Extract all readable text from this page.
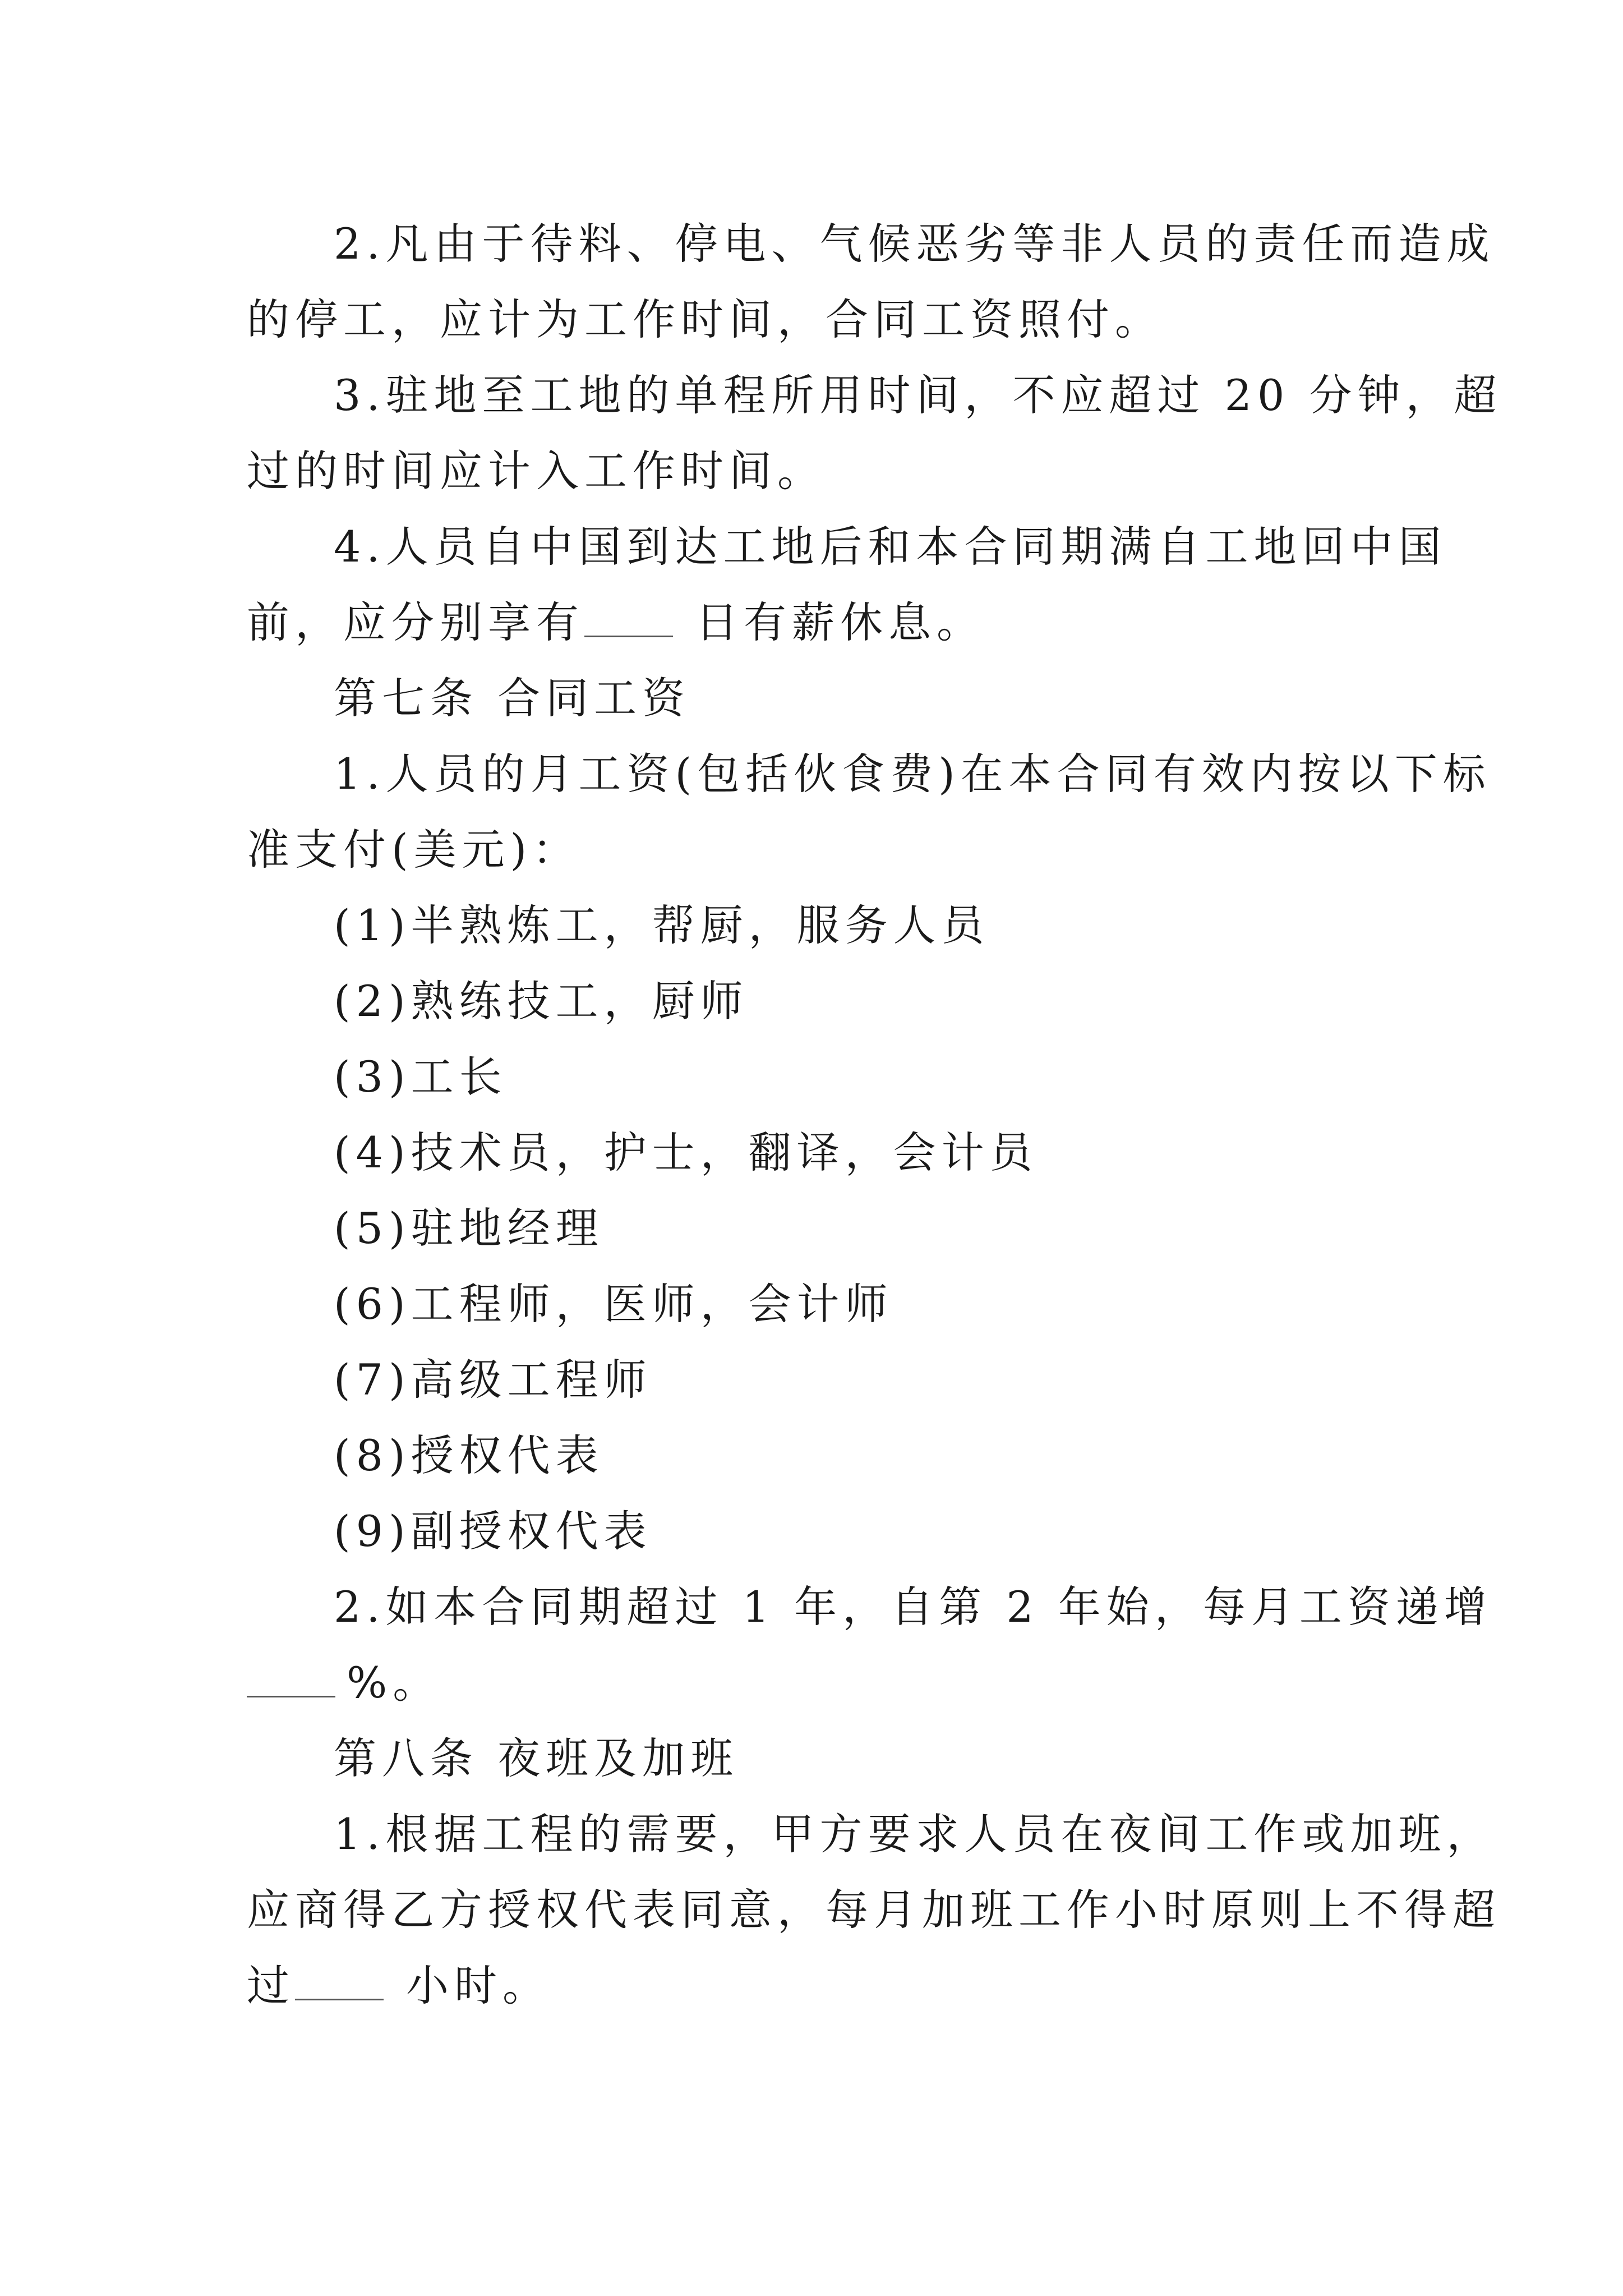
2.凡由于待料、停电、气候恶劣等非人员的责任而造成
的停工，应计为工作时间，合同工资照付。
3.驻地至工地的单程所用时间，不应超过 20 分钟，超
过的时间应计入工作时间。
4.人员自中国到达工地后和本合同期满自工地回中国
前，应分别享有	日有薪休息。
第七条 合同工资
1.人员的月工资(包括伙食费)在本合同有效内按以下标
准支付(美元)：
(1)半熟炼工，帮厨，服务人员
(2)熟练技工，厨师
(3)工长
(4)技术员，护士，翻译，会计员
(5)驻地经理
(6)工程师，医师，会计师
(7)高级工程师
(8)授权代表
(9)副授权代表
2.如本合同期超过 1 年，自第 2 年始，每月工资递增
%。
第八条 夜班及加班
1.根据工程的需要，甲方要求人员在夜间工作或加班，
应商得乙方授权代表同意，每月加班工作小时原则上不得超
过	小时。
